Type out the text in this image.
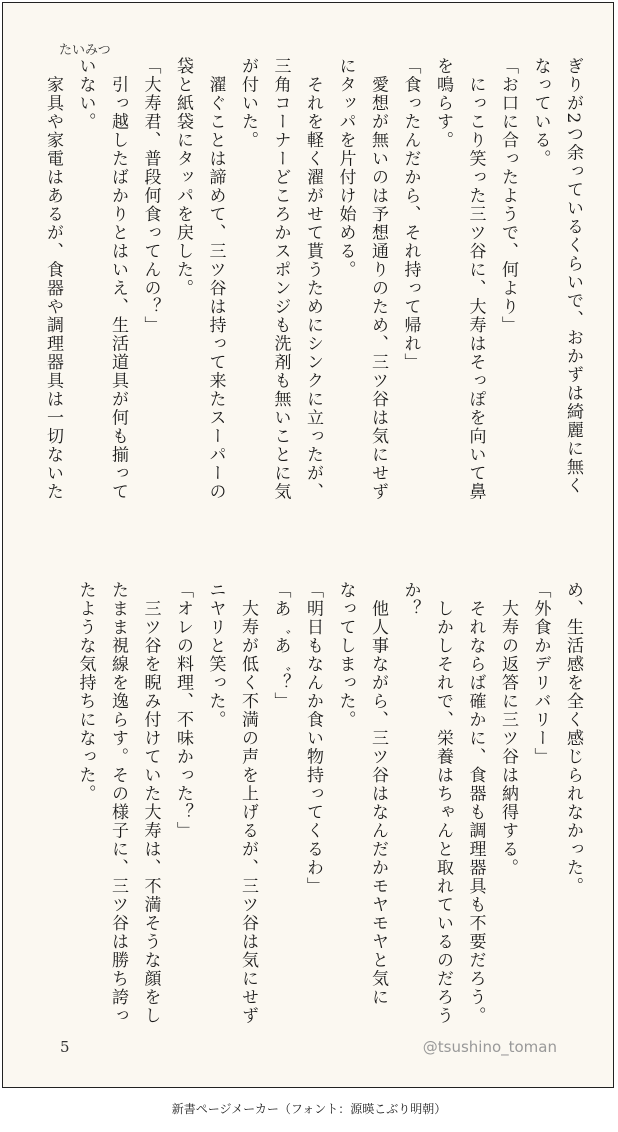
たいみつ
ぎりが2つ余っているくらいで、おかずは綺麗に無く
なっている。
「お口に合ったようで、何より」
　にっこり笑った三ツ谷に、大寿はそっぽを向いて鼻
を鳴らす。
「食ったんだから、それ持って帰れ」
　愛想が無いのは予想通りのため、三ツ谷は気にせず
にタッパを片付け始める。
　それを軽く濯がせて貰うためにシンクに立ったが、
三角コーナーどころかスポンジも洗剤も無いことに気
が付いた。
　濯ぐことは諦めて、三ツ谷は持って来たスーパーの
袋と紙袋にタッパを戻した。
「大寿君、普段何食ってんの？」
　引っ越したばかりとはいえ、生活道具が何も揃って
いない。
　家具や家電はあるが、食器や調理器具は一切ないた
め、生活感を全く感じられなかった。
「外食かデリバリー」
　大寿の返答に三ツ谷は納得する。
　それならば確かに、食器も調理器具も不要だろう。
　しかしそれで、栄養はちゃんと取れているのだろう
か？
　他人事ながら、三ツ谷はなんだかモヤモヤと気に
なってしまった。
「明日もなんか食い物持ってくるわ」
「あ゛あ゛？」
　大寿が低く不満の声を上げるが、三ツ谷は気にせず
ニヤリと笑った。
「オレの料理、不味かった？」
　三ツ谷を睨み付けていた大寿は、不満そうな顔をし
たまま視線を逸らす。その様子に、三ツ谷は勝ち誇っ
たような気持ちになった。
5	@tsushino_toman
新書ページメーカー（フォント：源暎こぶり明朝）
